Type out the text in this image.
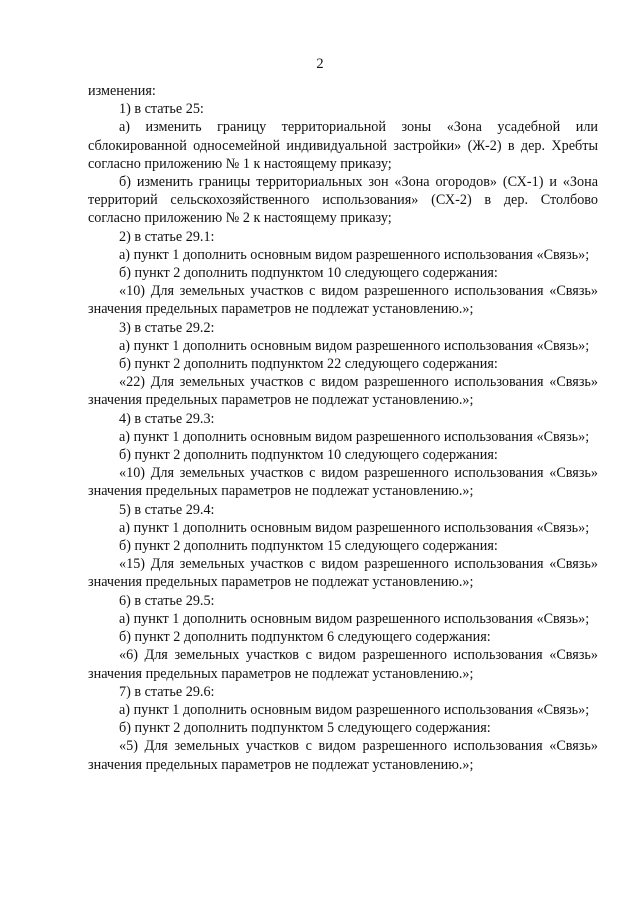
2

изменения:

1) в статье 25:

а) изменить границу территориальной зоны «Зона усадебной или сблокированной односемейной индивидуальной застройки» (Ж-2) в дер. Хребты согласно приложению № 1 к настоящему приказу;

б) изменить границы территориальных зон «Зона огородов» (СХ-1) и «Зона территорий сельскохозяйственного использования» (СХ-2) в дер. Столбово согласно приложению № 2 к настоящему приказу;

2) в статье 29.1:

а) пункт 1 дополнить основным видом разрешенного использования «Связь»;

б) пункт 2 дополнить подпунктом 10 следующего содержания:

«10) Для земельных участков с видом разрешенного использования «Связь» значения предельных параметров не подлежат установлению.»;

3) в статье 29.2:

а) пункт 1 дополнить основным видом разрешенного использования «Связь»;

б) пункт 2 дополнить подпунктом 22 следующего содержания:

«22) Для земельных участков с видом разрешенного использования «Связь» значения предельных параметров не подлежат установлению.»;

4) в статье 29.3:

а) пункт 1 дополнить основным видом разрешенного использования «Связь»;

б) пункт 2 дополнить подпунктом 10 следующего содержания:

«10) Для земельных участков с видом разрешенного использования «Связь» значения предельных параметров не подлежат установлению.»;

5) в статье 29.4:

а) пункт 1 дополнить основным видом разрешенного использования «Связь»;

б) пункт 2 дополнить подпунктом 15 следующего содержания:

«15) Для земельных участков с видом разрешенного использования «Связь» значения предельных параметров не подлежат установлению.»;

6) в статье 29.5:

а) пункт 1 дополнить основным видом разрешенного использования «Связь»;

б) пункт 2 дополнить подпунктом 6 следующего содержания:

«6) Для земельных участков с видом разрешенного использования «Связь» значения предельных параметров не подлежат установлению.»;

7) в статье 29.6:

а) пункт 1 дополнить основным видом разрешенного использования «Связь»;

б) пункт 2 дополнить подпунктом 5 следующего содержания:

«5) Для земельных участков с видом разрешенного использования «Связь» значения предельных параметров не подлежат установлению.»;
